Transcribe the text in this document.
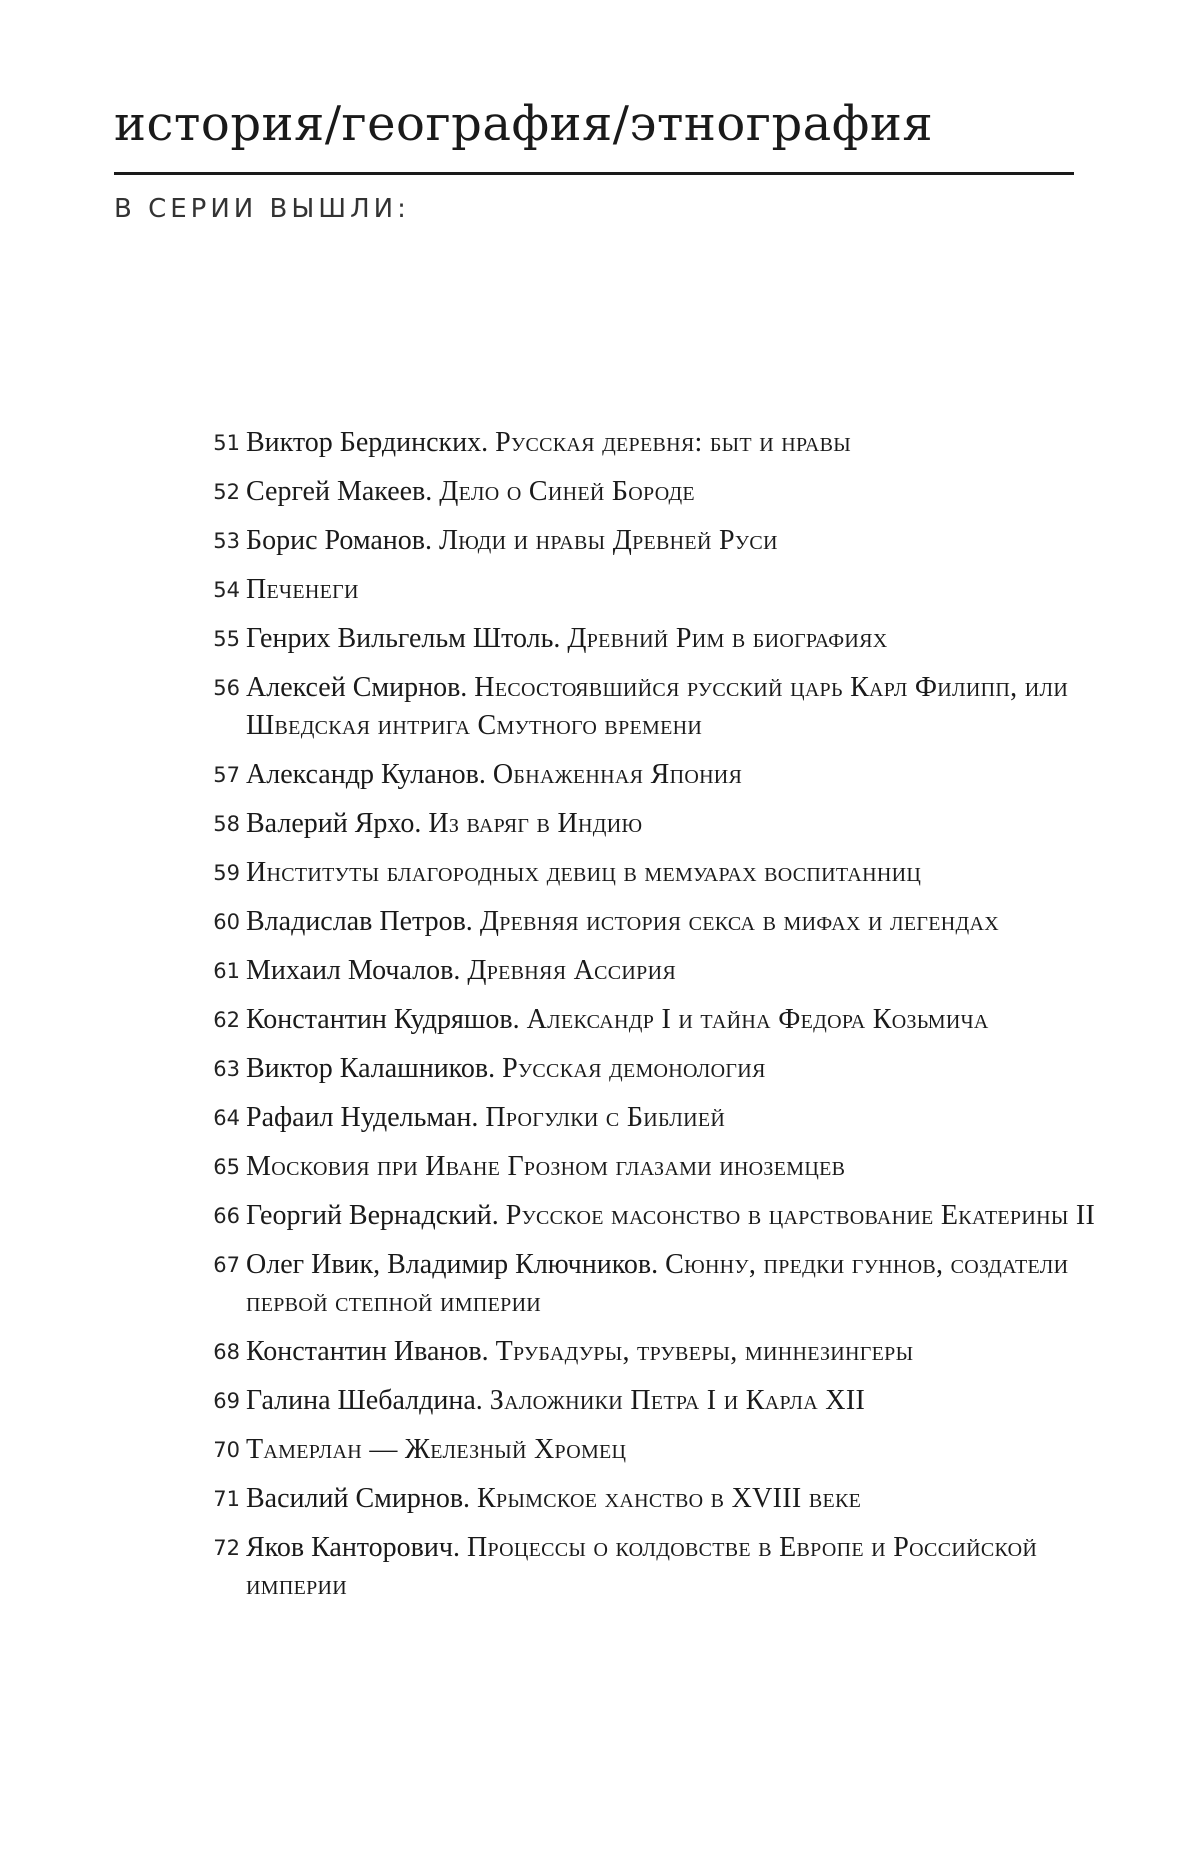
история/география/этнография
В СЕРИИ ВЫШЛИ:
51 Виктор Бердинских. Русская деревня: быт и нравы
52 Сергей Макеев. Дело о Синей Бороде
53 Борис Романов. Люди и нравы Древней Руси
54 Печенеги
55 Генрих Вильгельм Штоль. Древний Рим в биографиях
56 Алексей Смирнов. Несостоявшийся русский царь Карл Филипп, или Шведская интрига Смутного времени
57 Александр Куланов. Обнаженная Япония
58 Валерий Ярхо. Из варяг в Индию
59 Институты благородных девиц в мемуарах воспитанниц
60 Владислав Петров. Древняя история секса в мифах и легендах
61 Михаил Мочалов. Древняя Ассирия
62 Константин Кудряшов. Александр I и тайна Федора Козьмича
63 Виктор Калашников. Русская демонология
64 Рафаил Нудельман. Прогулки с Библией
65 Московия при Иване Грозном глазами иноземцев
66 Георгий Вернадский. Русское масонство в царствование Екатерины II
67 Олег Ивик, Владимир Ключников. Сюнну, предки гуннов, создатели первой степной империи
68 Константин Иванов. Трубадуры, труверы, миннезингеры
69 Галина Шебалдина. Заложники Петра I и Карла XII
70 Тамерлан — Железный Хромец
71 Василий Смирнов. Крымское ханство в XVIII веке
72 Яков Канторович. Процессы о колдовстве в Европе и Российской империи
